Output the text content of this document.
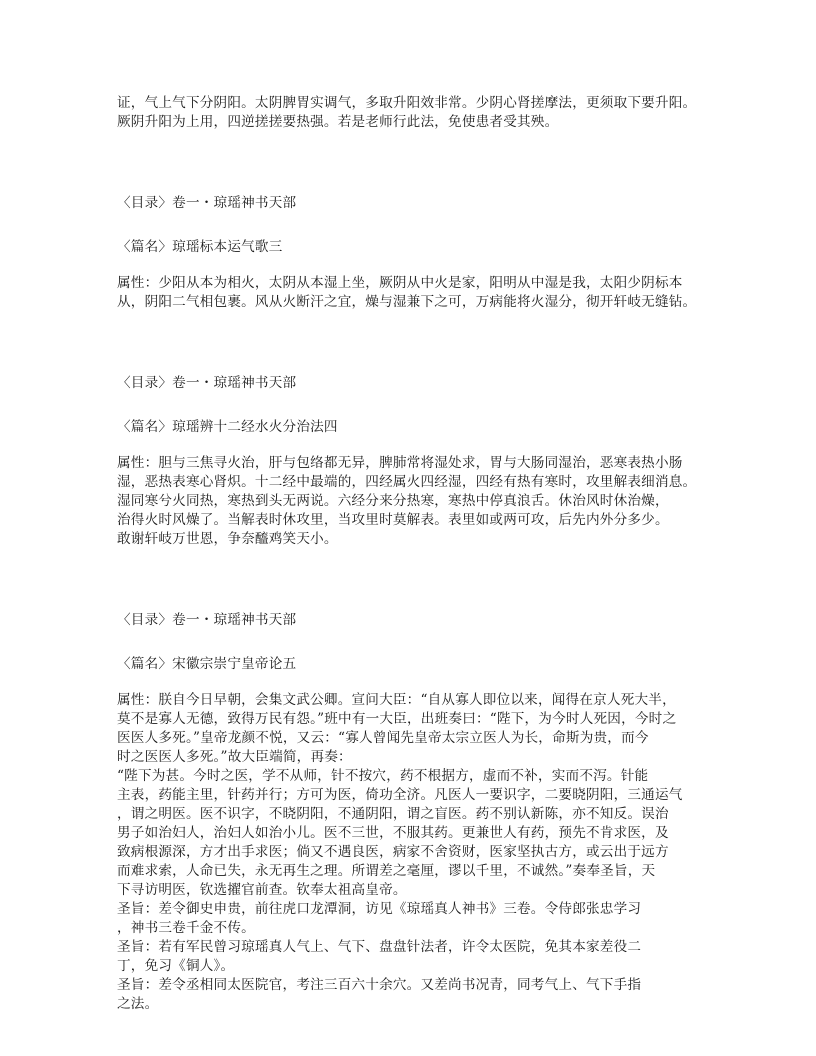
证，气上气下分阴阳。太阴脾胃实调气，多取升阳效非常。少阴心肾搓摩法，更须取下要升阳。
厥阴升阳为上用，四逆搓搓要热强。若是老师行此法，免使患者受其殃。
〈目录〉卷一・琼瑶神书天部
〈篇名〉琼瑶标本运气歌三
属性：少阳从本为相火，太阴从本湿上坐，厥阴从中火是家，阳明从中湿是我，太阳少阴标本
从，阴阳二气相包裹。风从火断汗之宜，燥与湿兼下之可，万病能将火湿分，彻开轩岐无缝钻。
〈目录〉卷一・琼瑶神书天部
〈篇名〉琼瑶辨十二经水火分治法四
属性：胆与三焦寻火治，肝与包络都无异，脾肺常将湿处求，胃与大肠同湿治，恶寒表热小肠
湿，恶热表寒心肾炽。十二经中最端的，四经属火四经湿，四经有热有寒时，攻里解表细消息。
湿同寒兮火同热，寒热到头无两说。六经分来分热寒，寒热中停真浪舌。休治风时休治燥，
治得火时风燥了。当解表时休攻里，当攻里时莫解表。表里如或两可攻，后先内外分多少。
敢谢轩岐万世恩，争奈醯鸡笑天小。
〈目录〉卷一・琼瑶神书天部
〈篇名〉宋徽宗崇宁皇帝论五
属性：朕自今日早朝，会集文武公卿。宣问大臣：“自从寡人即位以来，闻得在京人死大半，
莫不是寡人无德，致得万民有怨。”班中有一大臣，出班奏曰：“陛下，为今时人死因，今时之
医医人多死。”皇帝龙颜不悦，又云：“寡人曾闻先皇帝太宗立医人为长，命斯为贵，而今
时之医医人多死。”故大臣端简，再奏：
“陛下为甚。今时之医，学不从师，针不按穴，药不根据方，虚而不补，实而不泻。针能
主表，药能主里，针药并行；方可为医，倚功全济。凡医人一要识字，二要晓阴阳，三通运气
，谓之明医。医不识字，不晓阴阳，不通阴阳，谓之盲医。药不别认新陈，亦不知反。误治
男子如治妇人，治妇人如治小儿。医不三世，不服其药。更兼世人有药，预先不肯求医，及
致病根源深，方才出手求医；倘又不遇良医，病家不舍资财，医家坚执古方，或云出于远方
而难求索，人命已失，永无再生之理。所谓差之毫厘，谬以千里，不诚然。”奏奉圣旨，天
下寻访明医，钦选擢官前查。钦奉太祖高皇帝。
圣旨：差令御史申贵，前往虎口龙潭洞，访见《琼瑶真人神书》三卷。令侍郎张忠学习
，神书三卷千金不传。
圣旨：若有军民曾习琼瑶真人气上、气下、盘盘针法者，许令太医院，免其本家差役二
丁，免习《铜人》。
圣旨：差令丞相同太医院官，考注三百六十余穴。又差尚书况青，同考气上、气下手指
之法。
